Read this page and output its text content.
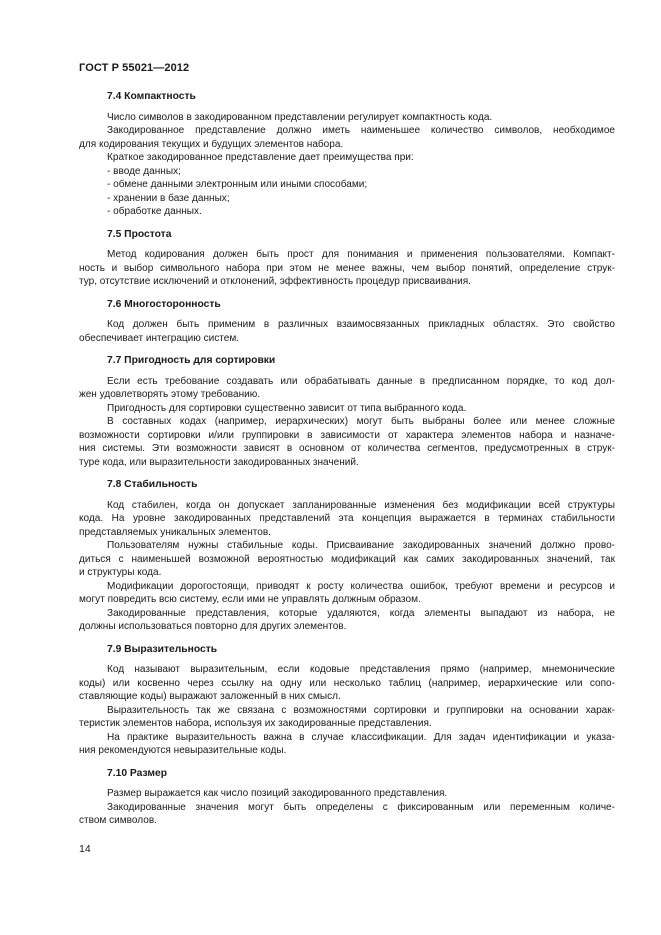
ГОСТ Р 55021—2012
7.4 Компактность
Число символов в закодированном представлении регулирует компактность кода.
Закодированное представление должно иметь наименьшее количество символов, необходимое
для кодирования текущих и будущих элементов набора.
Краткое закодированное представление дает преимущества при:
- вводе данных;
- обмене данными электронным или иными способами;
- хранении в базе данных;
- обработке данных.
7.5 Простота
Метод кодирования должен быть прост для понимания и применения пользователями. Компакт-
ность и выбор символьного набора при этом не менее важны, чем выбор понятий, определение струк-
тур, отсутствие исключений и отклонений, эффективность процедур присваивания.
7.6 Многосторонность
Код должен быть применим в различных взаимосвязанных прикладных областях. Это свойство
обеспечивает интеграцию систем.
7.7 Пригодность для сортировки
Если есть требование создавать или обрабатывать данные в предписанном порядке, то код дол-
жен удовлетворять этому требованию.
Пригодность для сортировки существенно зависит от типа выбранного кода.
В составных кодах (например, иерархических) могут быть выбраны более или менее сложные
возможности сортировки и/или группировки в зависимости от характера элементов набора и назначе-
ния системы. Эти возможности зависят в основном от количества сегментов, предусмотренных в струк-
туре кода, или выразительности закодированных значений.
7.8 Стабильность
Код стабилен, когда он допускает запланированные изменения без модификации всей структуры
кода. На уровне закодированных представлений эта концепция выражается в терминах стабильности
представляемых уникальных элементов.
Пользователям нужны стабильные коды. Присваивание закодированных значений должно прово-
диться с наименьшей возможной вероятностью модификаций как самих закодированных значений, так
и структуры кода.
Модификации дорогостоящи, приводят к росту количества ошибок, требуют времени и ресурсов и
могут повредить всю систему, если ими не управлять должным образом.
Закодированные представления, которые удаляются, когда элементы выпадают из набора, не
должны использоваться повторно для других элементов.
7.9 Выразительность
Код называют выразительным, если кодовые представления прямо (например, мнемонические
коды) или косвенно через ссылку на одну или несколько таблиц (например, иерархические или сопо-
ставляющие коды) выражают заложенный в них смысл.
Выразительность так же связана с возможностями сортировки и группировки на основании харак-
теристик элементов набора, используя их закодированные представления.
На практике выразительность важна в случае классификации. Для задач идентификации и указа-
ния рекомендуются невыразительные коды.
7.10 Размер
Размер выражается как число позиций закодированного представления.
Закодированные значения могут быть определены с фиксированным или переменным количе-
ством символов.
14
